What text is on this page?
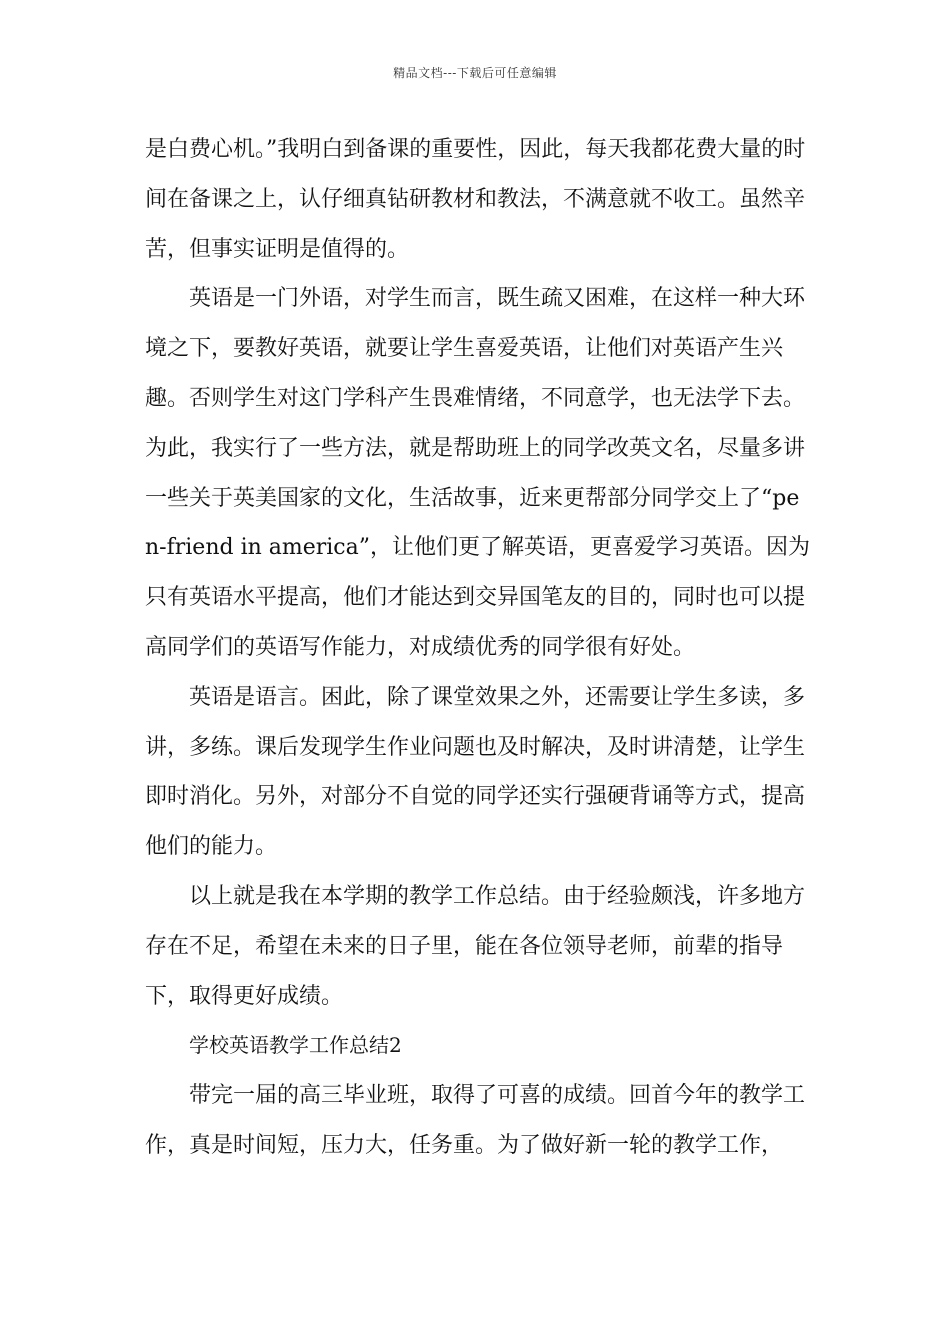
精品文档---下载后可任意编辑

是白费心机。”我明白到备课的重要性，因此，每天我都花费大量的时间在备课之上，认仔细真钻研教材和教法，不满意就不收工。虽然辛苦，但事实证明是值得的。

英语是一门外语，对学生而言，既生疏又困难，在这样一种大环境之下，要教好英语，就要让学生喜爱英语，让他们对英语产生兴趣。否则学生对这门学科产生畏难情绪，不同意学，也无法学下去。为此，我实行了一些方法，就是帮助班上的同学改英文名，尽量多讲一些关于英美国家的文化，生活故事，近来更帮部分同学交上了“pen-friend in america”，让他们更了解英语，更喜爱学习英语。因为只有英语水平提高，他们才能达到交异国笔友的目的，同时也可以提高同学们的英语写作能力，对成绩优秀的同学很有好处。

英语是语言。困此，除了课堂效果之外，还需要让学生多读，多讲，多练。课后发现学生作业问题也及时解决，及时讲清楚，让学生即时消化。另外，对部分不自觉的同学还实行强硬背诵等方式，提高他们的能力。

以上就是我在本学期的教学工作总结。由于经验颇浅，许多地方存在不足，希望在未来的日子里，能在各位领导老师，前辈的指导下，取得更好成绩。

学校英语教学工作总结2

带完一届的高三毕业班，取得了可喜的成绩。回首今年的教学工作，真是时间短，压力大，任务重。为了做好新一轮的教学工作，
